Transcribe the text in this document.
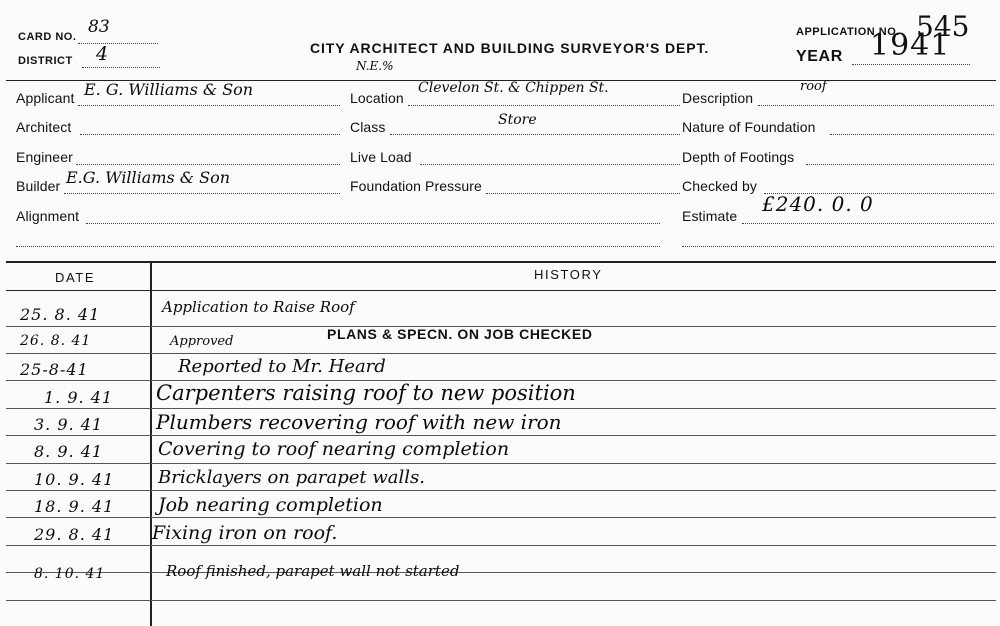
CARD NO. 83
DISTRICT 4	CITY ARCHITECT AND BUILDING SURVEYOR'S DEPT.
N.E.%
APPLICATION NO. 545
YEAR 1941
Applicant E. G. Williams & Son
Architect
Engineer
Builder E.G. Williams & Son
Alignment
Location
Clevelon St. & Chippen St.
Class	Store
Live Load
Foundation Pressure
Description
roof
Nature of Foundation
Depth of Footings
Checked by
Estimate £240. 0. 0
DATE	HISTORY
PLANS & SPECN. ON JOB CHECKED
25. 8. 41	Application to Raise Roof
26. 8. 41	Approved
25-8-41	Reported to Mr. Heard
1. 9. 41 Carpenters raising roof to new position
3. 9. 41	Plumbers recovering roof with new iron
8. 9. 41	Covering to roof nearing completion
10. 9. 41 Bricklayers on parapet walls.
18. 9. 41 Job nearing completion
29. 8. 41 Fixing iron on roof.
8. 10. 41	Roof finished, parapet wall not started
